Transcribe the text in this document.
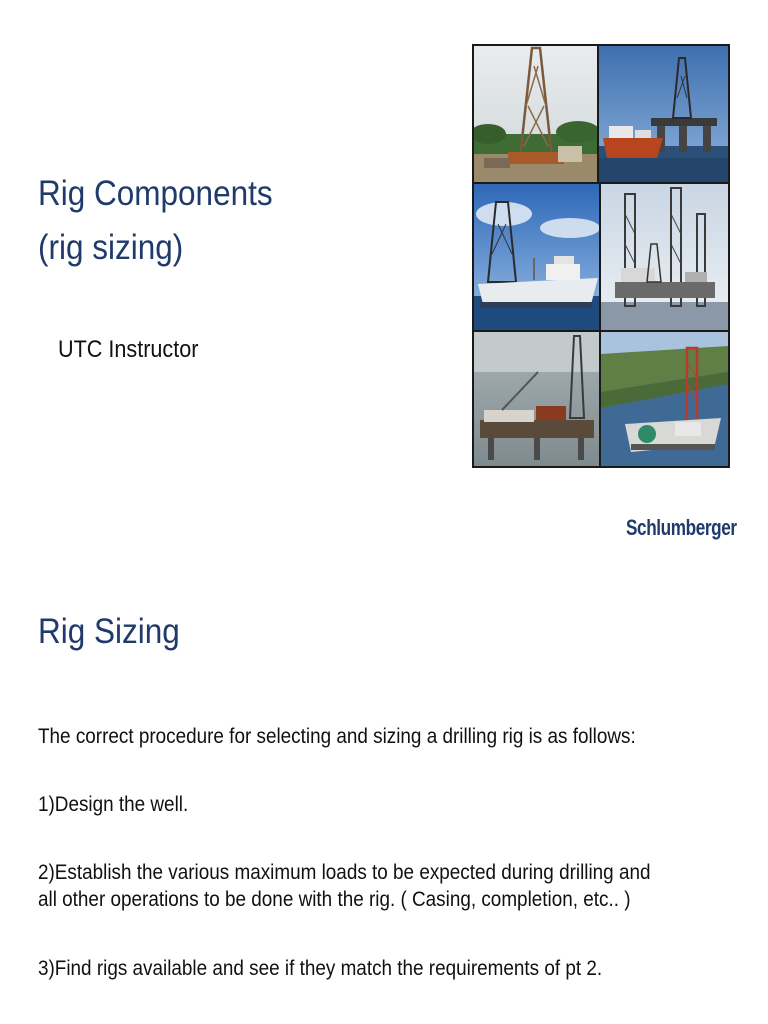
Rig Components
(rig sizing)
UTC Instructor
Schlumberger
Rig Sizing
The correct procedure for selecting and sizing a drilling rig is as follows:
1)Design the well.
2)Establish the various maximum loads to be expected during drilling and
all other operations to be done with the rig. ( Casing, completion, etc.. )
3)Find rigs available and see if they match the requirements of pt 2.
